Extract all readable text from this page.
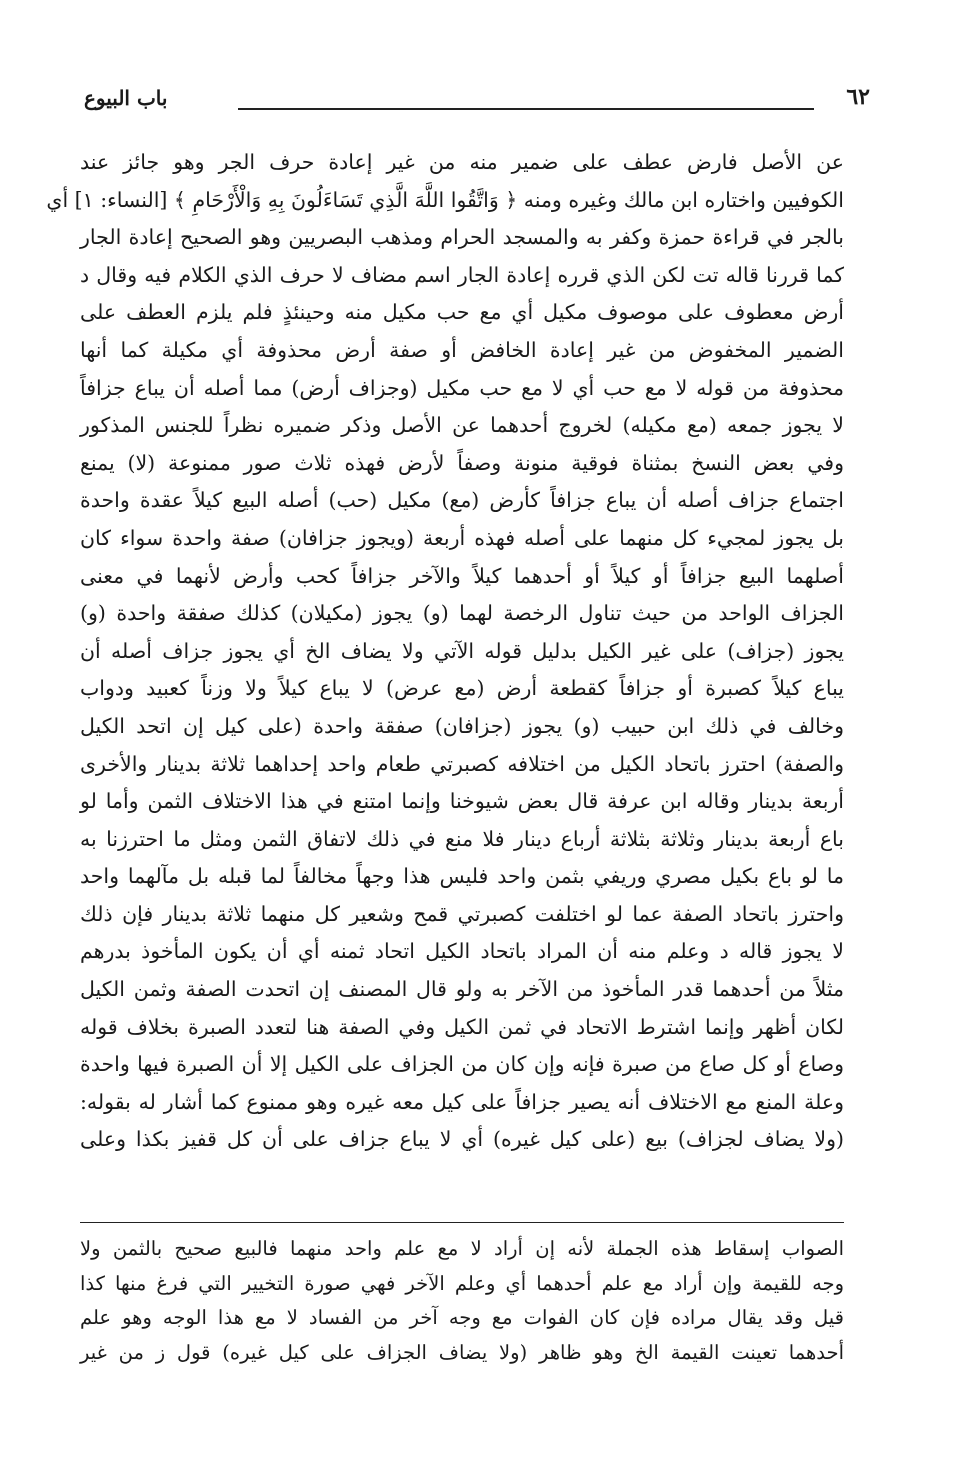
٦٢
باب البيوع
عن الأصل فارض عطف على ضمير منه من غير إعادة حرف الجر وهو جائز عند
الكوفيين واختاره ابن مالك وغيره ومنه ﴿ وَاتَّقُوا اللَّهَ الَّذِي تَسَاءَلُونَ بِهِ وَالْأَرْحَامِ ﴾ [النساء: ١] أي
بالجر في قراءة حمزة وكفر به والمسجد الحرام ومذهب البصريين وهو الصحيح إعادة الجار
كما قررنا قاله تت لكن الذي قرره إعادة الجار اسم مضاف لا حرف الذي الكلام فيه وقال د
أرض معطوف على موصوف مكيل أي مع حب مكيل منه وحينئذٍ فلم يلزم العطف على
الضمير المخفوض من غير إعادة الخافض أو صفة أرض محذوفة أي مكيلة كما أنها
محذوفة من قوله لا مع حب أي لا مع حب مكيل (وجزاف أرض) مما أصله أن يباع جزافاً
لا يجوز جمعه (مع مكيله) لخروج أحدهما عن الأصل وذكر ضميره نظراً للجنس المذكور
وفي بعض النسخ بمثناة فوقية منونة وصفاً لأرض فهذه ثلاث صور ممنوعة (لا) يمنع
اجتماع جزاف أصله أن يباع جزافاً كأرض (مع) مكيل (حب) أصله البيع كيلاً عقدة واحدة
بل يجوز لمجيء كل منهما على أصله فهذه أربعة (ويجوز جزافان) صفة واحدة سواء كان
أصلهما البيع جزافاً أو كيلاً أو أحدهما كيلاً والآخر جزافاً كحب وأرض لأنهما في معنى
الجزاف الواحد من حيث تناول الرخصة لهما (و) يجوز (مكيلان) كذلك صفقة واحدة (و)
يجوز (جزاف) على غير الكيل بدليل قوله الآتي ولا يضاف الخ أي يجوز جزاف أصله أن
يباع كيلاً كصبرة أو جزافاً كقطعة أرض (مع عرض) لا يباع كيلاً ولا وزناً كعبيد ودواب
وخالف في ذلك ابن حبيب (و) يجوز (جزافان) صفقة واحدة (على كيل إن اتحد الكيل
والصفة) احترز باتحاد الكيل من اختلافه كصبرتي طعام واحد إحداهما ثلاثة بدينار والأخرى
أربعة بدينار وقاله ابن عرفة قال بعض شيوخنا وإنما امتنع في هذا الاختلاف الثمن وأما لو
باع أربعة بدينار وثلاثة بثلاثة أرباع دينار فلا منع في ذلك لاتفاق الثمن ومثل ما احترزنا به
ما لو باع بكيل مصري وريفي بثمن واحد فليس هذا وجهاً مخالفاً لما قبله بل مآلهما واحد
واحترز باتحاد الصفة عما لو اختلفت كصبرتي قمح وشعير كل منهما ثلاثة بدينار فإن ذلك
لا يجوز قاله د وعلم منه أن المراد باتحاد الكيل اتحاد ثمنه أي أن يكون المأخوذ بدرهم
مثلاً من أحدهما قدر المأخوذ من الآخر به ولو قال المصنف إن اتحدت الصفة وثمن الكيل
لكان أظهر وإنما اشترط الاتحاد في ثمن الكيل وفي الصفة هنا لتعدد الصبرة بخلاف قوله
وصاع أو كل صاع من صبرة فإنه وإن كان من الجزاف على الكيل إلا أن الصبرة فيها واحدة
وعلة المنع مع الاختلاف أنه يصير جزافاً على كيل معه غيره وهو ممنوع كما أشار له بقوله:
(ولا يضاف لجزاف) بيع (على كيل غيره) أي لا يباع جزاف على أن كل قفيز بكذا وعلى
الصواب إسقاط هذه الجملة لأنه إن أراد لا مع علم واحد منهما فالبيع صحيح بالثمن ولا
وجه للقيمة وإن أراد مع علم أحدهما أي وعلم الآخر فهي صورة التخيير التي فرغ منها كذا
قيل وقد يقال مراده فإن كان الفوات مع وجه آخر من الفساد لا مع هذا الوجه وهو علم
أحدهما تعينت القيمة الخ وهو ظاهر (ولا يضاف الجزاف على كيل غيره) قول ز من غير
